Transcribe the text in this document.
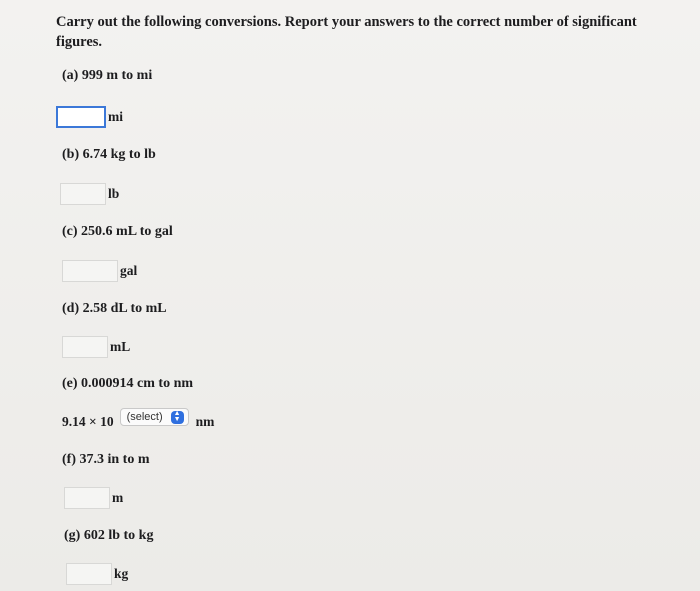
Carry out the following conversions. Report your answers to the correct number of significant figures.
(a) 999 m to mi
mi
(b) 6.74 kg to lb
lb
(c) 250.6 mL to gal
gal
(d) 2.58 dL to mL
mL
(e) 0.000914 cm to nm
9.14 × 10 (select)	▲
▼ nm
(f) 37.3 in to m
m
(g) 602 lb to kg
kg
